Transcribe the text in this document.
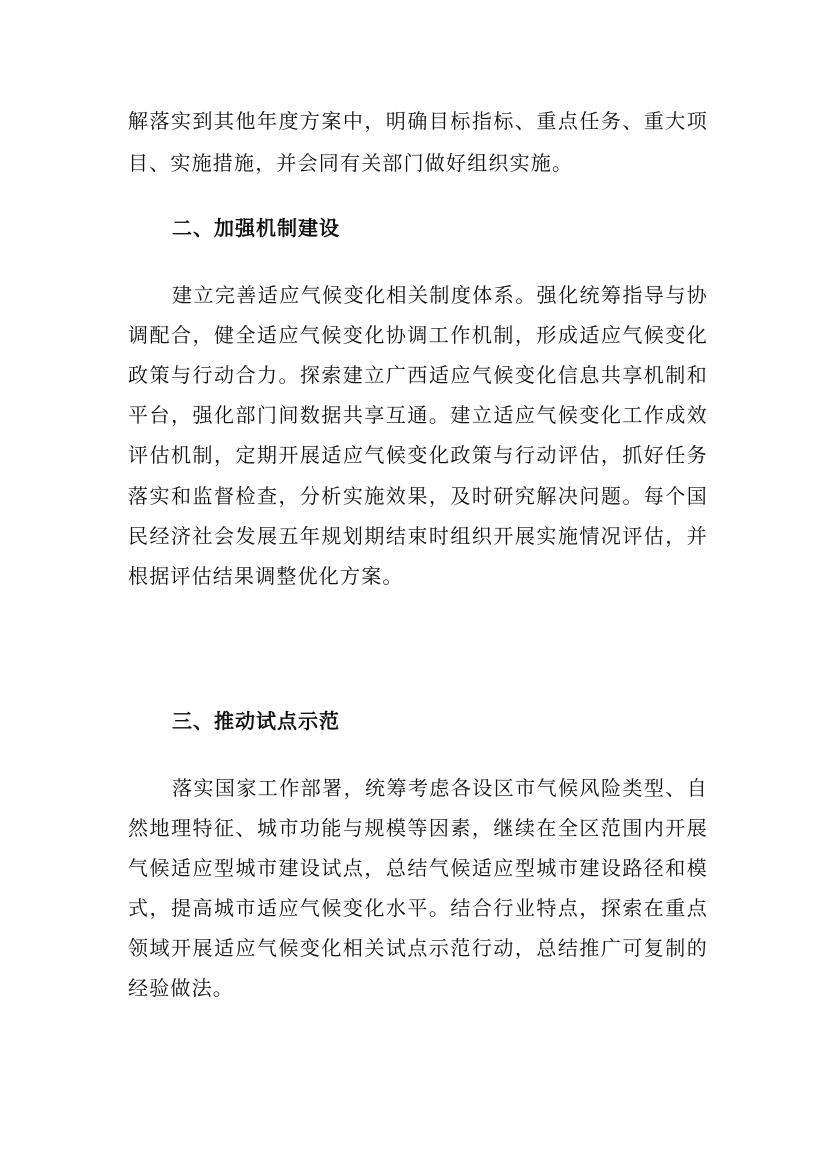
解落实到其他年度方案中，明确目标指标、重点任务、重大项
目、实施措施，并会同有关部门做好组织实施。
二、加强机制建设
建立完善适应气候变化相关制度体系。强化统筹指导与协
调配合，健全适应气候变化协调工作机制，形成适应气候变化
政策与行动合力。探索建立广西适应气候变化信息共享机制和
平台，强化部门间数据共享互通。建立适应气候变化工作成效
评估机制，定期开展适应气候变化政策与行动评估，抓好任务
落实和监督检查，分析实施效果，及时研究解决问题。每个国
民经济社会发展五年规划期结束时组织开展实施情况评估，并
根据评估结果调整优化方案。
三、推动试点示范
落实国家工作部署，统筹考虑各设区市气候风险类型、自
然地理特征、城市功能与规模等因素，继续在全区范围内开展
气候适应型城市建设试点，总结气候适应型城市建设路径和模
式，提高城市适应气候变化水平。结合行业特点，探索在重点
领域开展适应气候变化相关试点示范行动，总结推广可复制的
经验做法。
